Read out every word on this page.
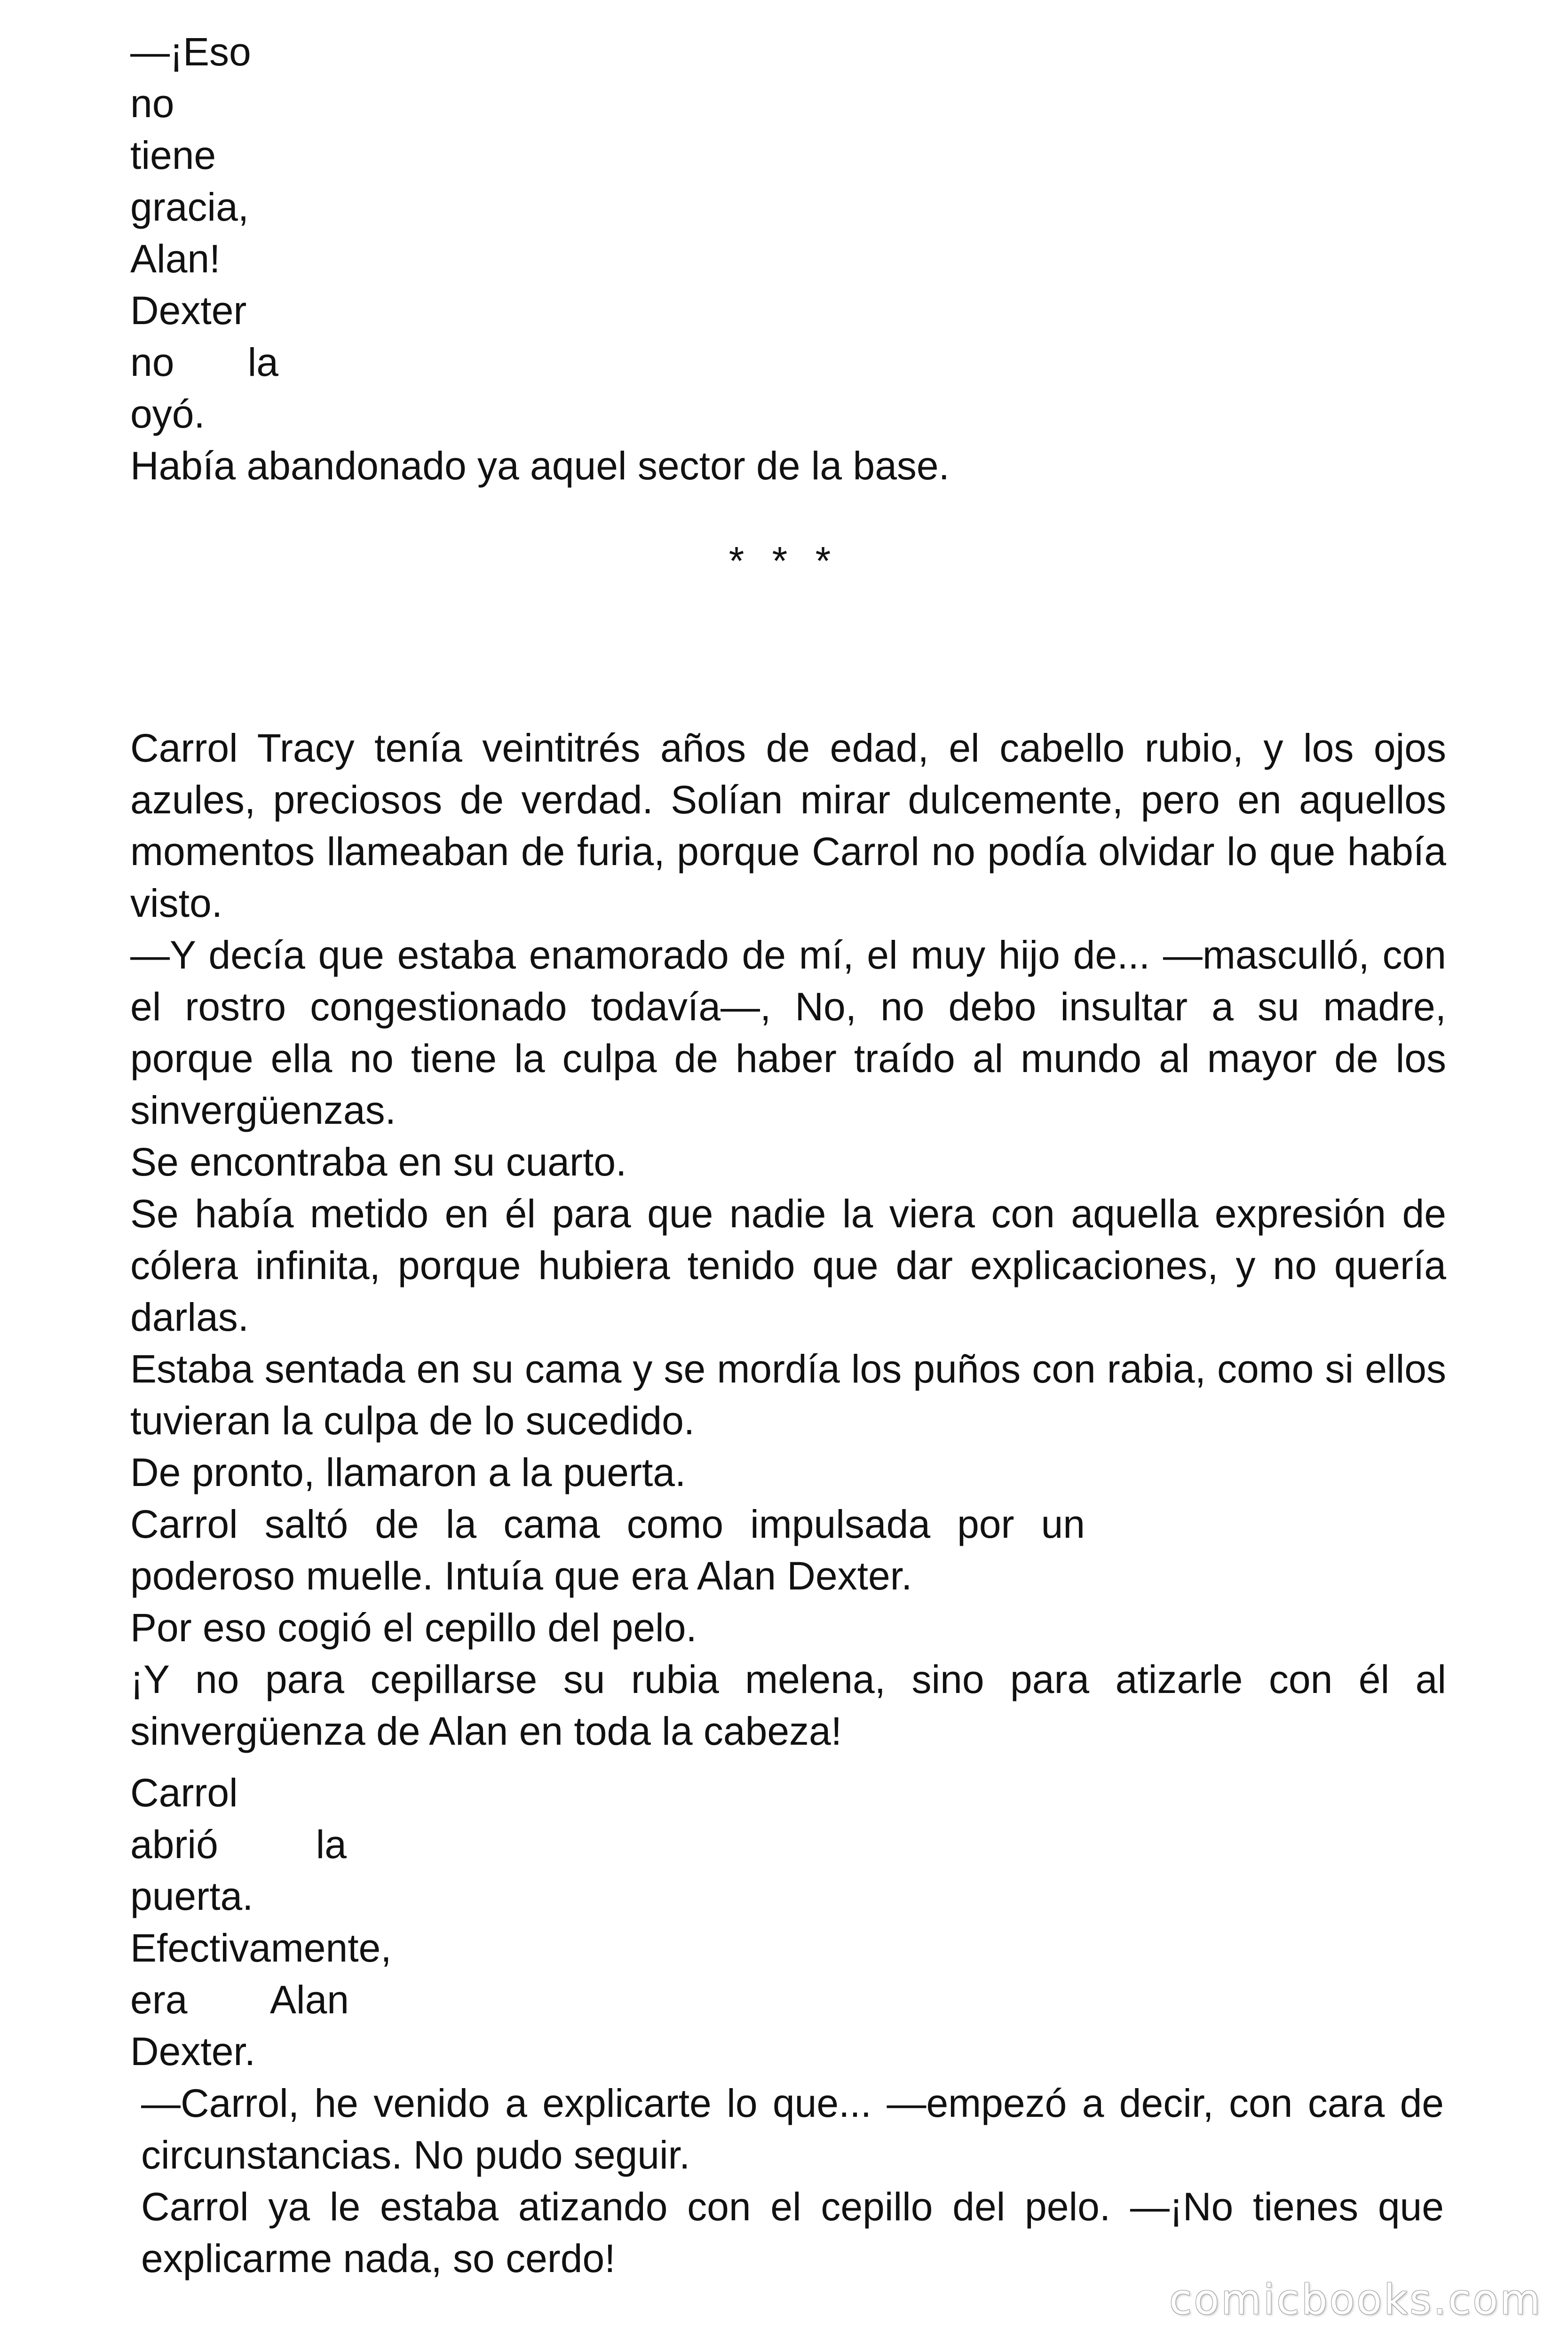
—¡Eso

no

tiene

gracia,

Alan!

Dexter

no la

oyó.

Había abandonado ya aquel sector de la base.

* * *

Carrol Tracy tenía veintitrés años de edad, el cabello rubio, y los ojos azules, preciosos de verdad. Solían mirar dulcemente, pero en aquellos momentos llameaban de furia, porque Carrol no podía olvidar lo que había visto.

—Y decía que estaba enamorado de mí, el muy hijo de... —masculló, con el rostro congestionado todavía—, No, no debo insultar a su madre, porque ella no tiene la culpa de haber traído al mundo al mayor de los sinvergüenzas.

Se encontraba en su cuarto.

Se había metido en él para que nadie la viera con aquella expresión de cólera infinita, porque hubiera tenido que dar explicaciones, y no quería darlas.

Estaba sentada en su cama y se mordía los puños con rabia, como si ellos tuvieran la culpa de lo sucedido.

De pronto, llamaron a la puerta.

Carrol saltó de la cama como impulsada por un

poderoso muelle. Intuía que era Alan Dexter.

Por eso cogió el cepillo del pelo.

¡Y no para cepillarse su rubia melena, sino para atizarle con él al sinvergüenza de Alan en toda la cabeza!

Carrol

abrió la

puerta.

Efectivamente,

era Alan

Dexter.

—Carrol, he venido a explicarte lo que... —empezó a decir, con cara de circunstancias. No pudo seguir.

Carrol ya le estaba atizando con el cepillo del pelo. —¡No tienes que explicarme nada, so cerdo!

comicbooks.com
